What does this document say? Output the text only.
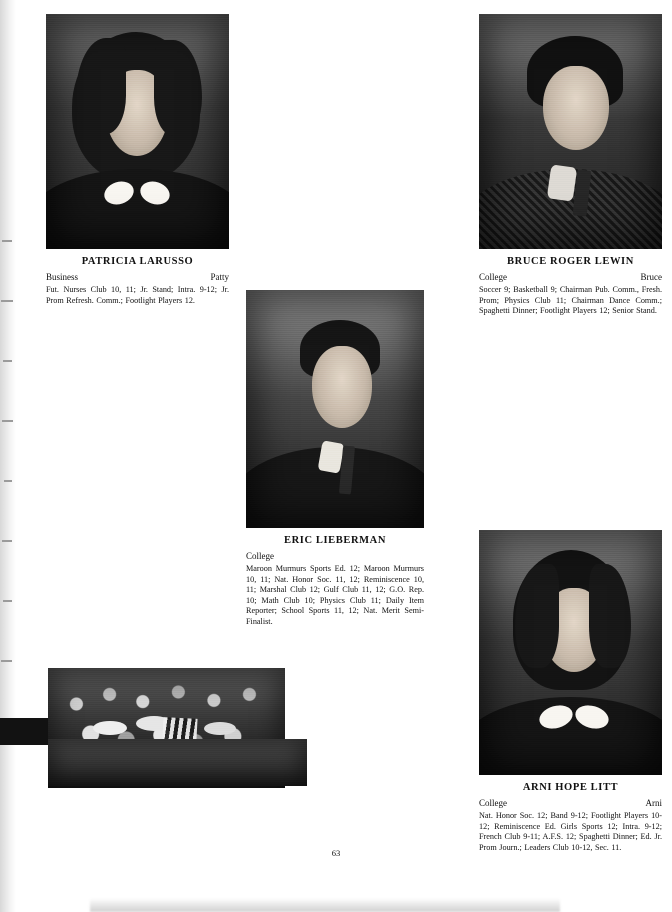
PATRICIA LARUSSO
Business	Patty
Fut. Nurses Club 10, 11; Jr. Stand; Intra. 9-12; Jr. Prom Refresh. Comm.; Footlight Players 12.
BRUCE ROGER LEWIN
College	Bruce
Soccer 9; Basketball 9; Chairman Pub. Comm., Fresh. Prom; Physics Club 11; Chairman Dance Comm.; Spaghetti Dinner; Footlight Players 12; Senior Stand.
ERIC LIEBERMAN
College
Maroon Murmurs Sports Ed. 12; Maroon Murmurs 10, 11; Nat. Honor Soc. 11, 12; Reminiscence 10, 11; Marshal Club 12; Gulf Club 11, 12; G.O. Rep. 10; Math Club 10; Physics Club 11; Daily Item Reporter; School Sports 11, 12; Nat. Merit Semi-Finalist.
ARNI HOPE LITT
College	Arni
Nat. Honor Soc. 12; Band 9-12; Footlight Players 10-12; Reminiscence Ed. Girls Sports 12; Intra. 9-12; French Club 9-11; A.F.S. 12; Spaghetti Dinner; Ed. Jr. Prom Journ.; Leaders Club 10-12, Sec. 11.
63
